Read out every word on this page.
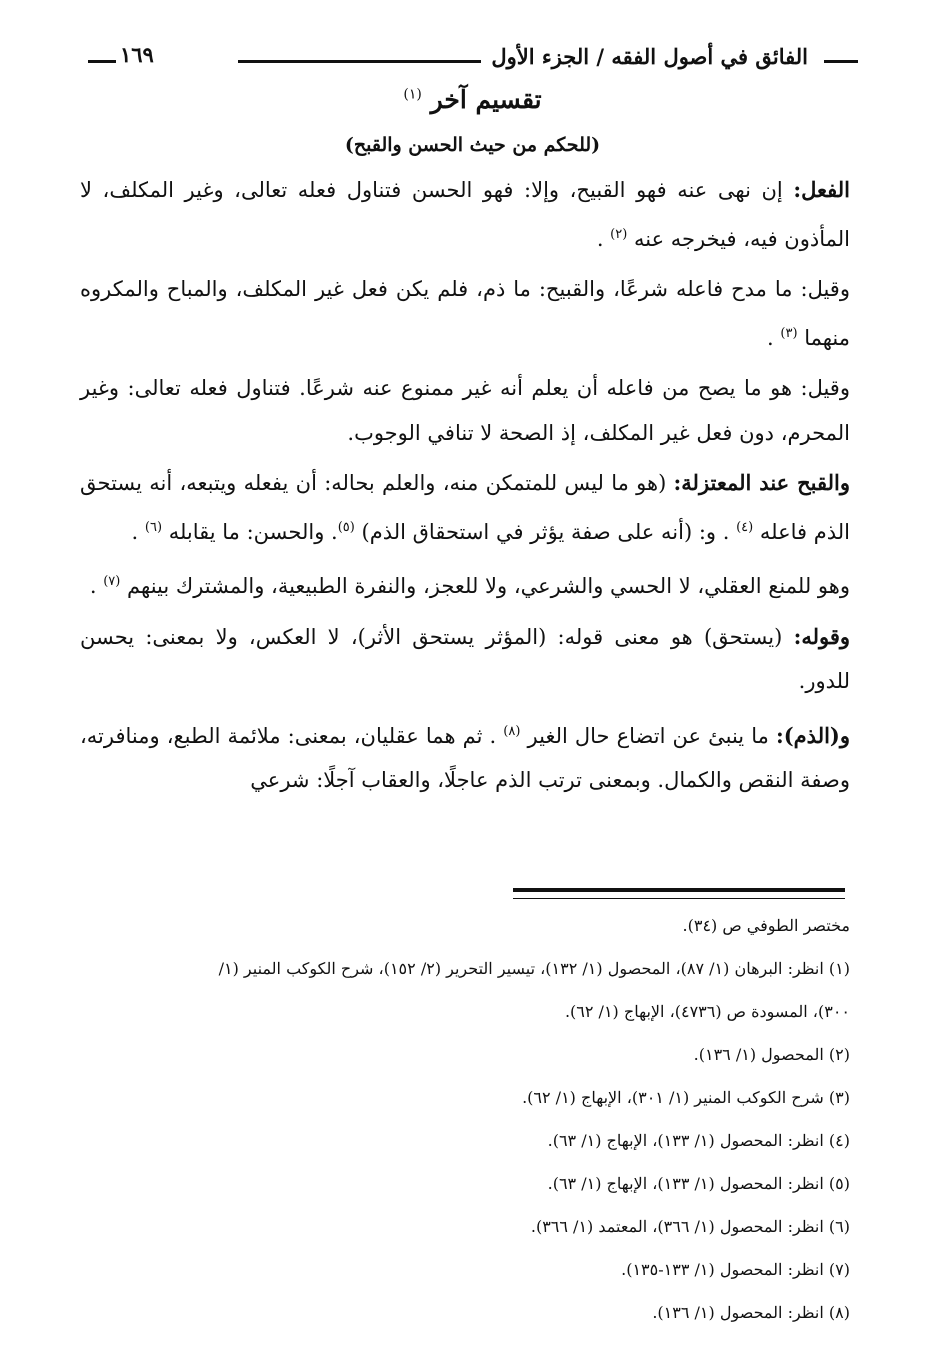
الفائق في أصول الفقه / الجزء الأول
١٦٩
تقسيم آخر $^{(١)}$
(للحكم من حيث الحسن والقبح)

الفعل: إن نهى عنه فهو القبيح، وإلا: فهو الحسن فتناول فعله تعالى، وغير المكلف، لا المأذون فيه، فيخرجه عنه $^{(٢)}$ .

وقيل: ما مدح فاعله شرعًا، والقبيح: ما ذم، فلم يكن فعل غير المكلف، والمباح والمكروه منهما $^{(٣)}$ .

وقيل: هو ما يصح من فاعله أن يعلم أنه غير ممنوع عنه شرعًا. فتناول فعله تعالى: وغير المحرم، دون فعل غير المكلف، إذ الصحة لا تنافي الوجوب.

والقبح عند المعتزلة: (هو ما ليس للمتمكن منه، والعلم بحاله: أن يفعله ويتبعه، أنه يستحق الذم فاعله $^{(٤)}$ . و: (أنه على صفة يؤثر في استحقاق الذم) $^{(٥)}$. والحسن: ما يقابله $^{(٦)}$ .

وهو للمنع العقلي، لا الحسي والشرعي، ولا للعجز، والنفرة الطبيعية، والمشترك بينهم $^{(٧)}$ .

وقوله: (يستحق) هو معنى قوله: (المؤثر يستحق الأثر)، لا العكس، ولا بمعنى: يحسن للدور.

و(الذم): ما ينبئ عن اتضاع حال الغير $^{(٨)}$ . ثم هما عقليان، بمعنى: ملائمة الطبع، ومنافرته، وصفة النقص والكمال. وبمعنى ترتب الذم عاجلًا، والعقاب آجلًا: شرعي

مختصر الطوفي ص (٣٤).
(١) انظر: البرهان (١/ ٨٧)، المحصول (١/ ١٣٢)، تيسير التحرير (٢/ ١٥٢)، شرح الكوكب المنير (١/
٣٠٠)، المسودة ص (٤٧٣٦)، الإبهاج (١/ ٦٢).
(٢) المحصول (١/ ١٣٦).
(٣) شرح الكوكب المنير (١/ ٣٠١)، الإبهاج (١/ ٦٢).
(٤) انظر: المحصول (١/ ١٣٣)، الإبهاج (١/ ٦٣).
(٥) انظر: المحصول (١/ ١٣٣)، الإبهاج (١/ ٦٣).
(٦) انظر: المحصول (١/ ٣٦٦)، المعتمد (١/ ٣٦٦).
(٧) انظر: المحصول (١/ ١٣٣-١٣٥).
(٨) انظر: المحصول (١/ ١٣٦).
